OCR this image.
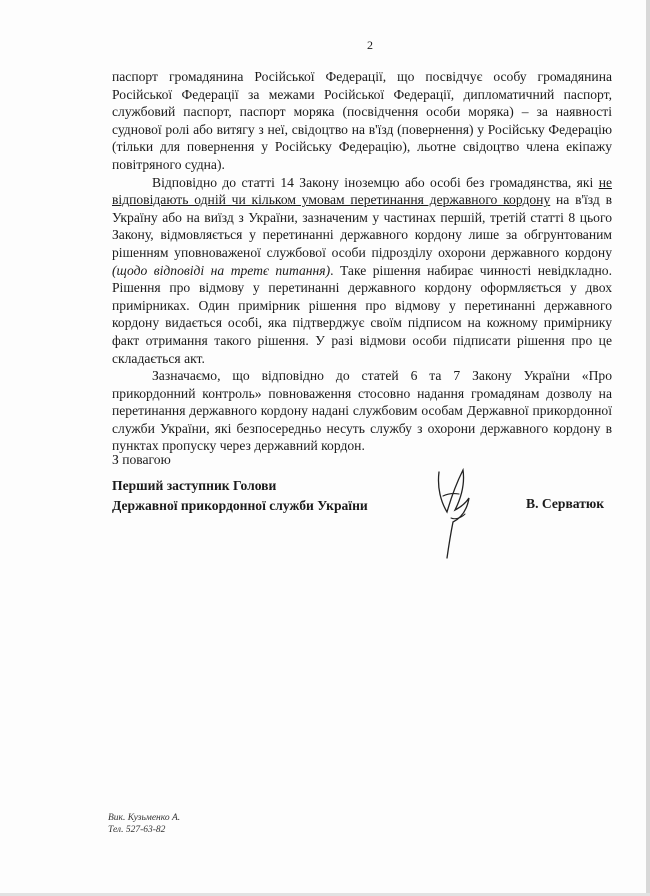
2

паспорт громадянина Російської Федерації, що посвідчує особу громадянина Російської Федерації за межами Російської Федерації, дипломатичний паспорт, службовий паспорт, паспорт моряка (посвідчення особи моряка) – за наявності суднової ролі або витягу з неї, свідоцтво на в'їзд (повернення) у Російську Федерацію (тільки для повернення у Російську Федерацію), льотне свідоцтво члена екіпажу повітряного судна).

Відповідно до статті 14 Закону іноземцю або особі без громадянства, які не відповідають одній чи кільком умовам перетинання державного кордону на в'їзд в Україну або на виїзд з України, зазначеним у частинах першій, третій статті 8 цього Закону, відмовляється у перетинанні державного кордону лише за обгрунтованим рішенням уповноваженої службової особи підрозділу охорони державного кордону (щодо відповіді на третє питання). Таке рішення набирає чинності невідкладно. Рішення про відмову у перетинанні державного кордону оформляється у двох примірниках. Один примірник рішення про відмову у перетинанні державного кордону видається особі, яка підтверджує своїм підписом на кожному примірнику факт отримання такого рішення. У разі відмови особи підписати рішення про це складається акт.

Зазначаємо, що відповідно до статей 6 та 7 Закону України «Про прикордонний контроль» повноваження стосовно надання громадянам дозволу на перетинання державного кордону надані службовим особам Державної прикордонної служби України, які безпосередньо несуть службу з охорони державного кордону в пунктах пропуску через державний кордон.

З повагою
Перший заступник Голови
Державної прикордонної служби України	В. Серватюк
Вик. Кузьменко А.
Тел. 527-63-82
